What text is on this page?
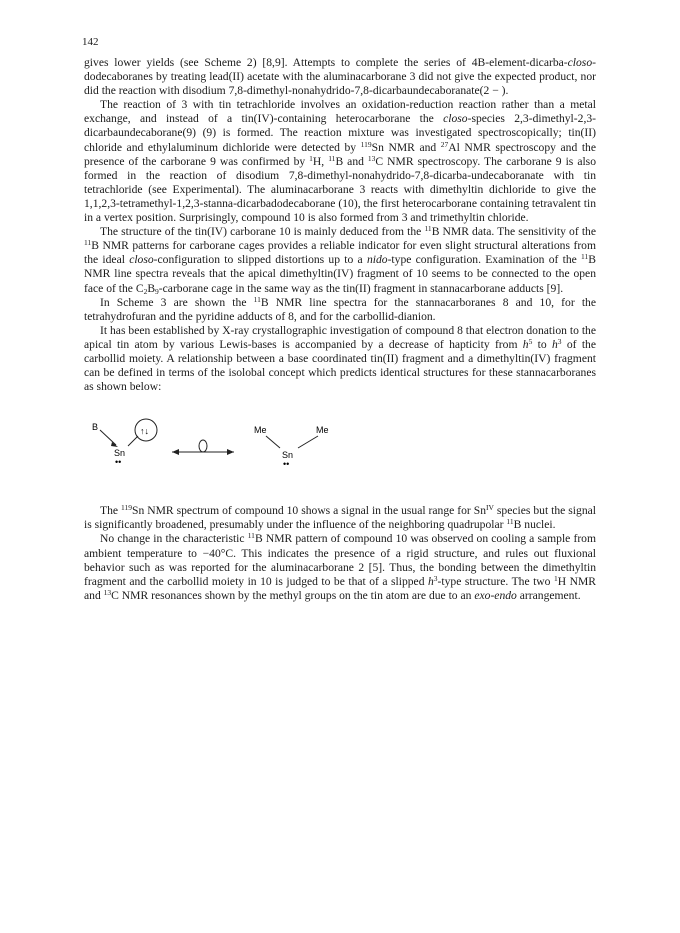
142

gives lower yields (see Scheme 2) [8,9]. Attempts to complete the series of 4B-element-dicarba-closo-dodecaboranes by treating lead(II) acetate with the aluminacarborane 3 did not give the expected product, nor did the reaction with disodium 7,8-dimethyl-nonahydrido-7,8-dicarbaundecaboranate(2 − ).

The reaction of 3 with tin tetrachloride involves an oxidation-reduction reaction rather than a metal exchange, and instead of a tin(IV)-containing heterocarborane the closo-species 2,3-dimethyl-2,3-dicarbaundecaborane(9) (9) is formed. The reaction mixture was investigated spectroscopically; tin(II) chloride and ethylaluminum dichloride were detected by $^{119}$Sn NMR and $^{27}$Al NMR spectroscopy and the presence of the carborane 9 was confirmed by $^1$H, $^{11}$B and $^{13}$C NMR spectroscopy. The carborane 9 is also formed in the reaction of disodium 7,8-dimethyl-nonahydrido-7,8-dicarba-undecaboranate with tin tetrachloride (see Experimental). The aluminacarborane 3 reacts with dimethyltin dichloride to give the 1,1,2,3-tetramethyl-1,2,3-stanna-dicarbadodecaborane (10), the first heterocarborane containing tetravalent tin in a vertex position. Surprisingly, compound 10 is also formed from 3 and trimethyltin chloride.

The structure of the tin(IV) carborane 10 is mainly deduced from the $^{11}$B NMR data. The sensitivity of the $^{11}$B NMR patterns for carborane cages provides a reliable indicator for even slight structural alterations from the ideal closo-configuration to slipped distortions up to a nido-type configuration. Examination of the $^{11}$B NMR line spectra reveals that the apical dimethyltin(IV) fragment of 10 seems to be connected to the open face of the $C_2B_9$-carborane cage in the same way as the tin(II) fragment in stannacarborane adducts [9].

In Scheme 3 are shown the $^{11}$B NMR line spectra for the stannacarboranes 8 and 10, for the tetrahydrofuran and the pyridine adducts of 8, and for the carbollid-dianion.

It has been established by X-ray crystallographic investigation of compound 8 that electron donation to the apical tin atom by various Lewis-bases is accompanied by a decrease of hapticity from $h^5$ to $h^3$ of the carbollid moiety. A relationship between a base coordinated tin(II) fragment and a dimethyltin(IV) fragment can be defined in terms of the isolobal concept which predicts identical structures for these stannacarboranes as shown below:

B
Sn
••
↑↓	Me	Me
Sn
••

The $^{119}$Sn NMR spectrum of compound 10 shows a signal in the usual range for $Sn^{IV}$ species but the signal is significantly broadened, presumably under the influence of the neighboring quadrupolar $^{11}$B nuclei.

No change in the characteristic $^{11}$B NMR pattern of compound 10 was observed on cooling a sample from ambient temperature to −40°C. This indicates the presence of a rigid structure, and rules out fluxional behavior such as was reported for the aluminacarborane 2 [5]. Thus, the bonding between the dimethyltin fragment and the carbollid moiety in 10 is judged to be that of a slipped $h^3$-type structure. The two $^1$H NMR and $^{13}$C NMR resonances shown by the methyl groups on the tin atom are due to an exo-endo arrangement.
